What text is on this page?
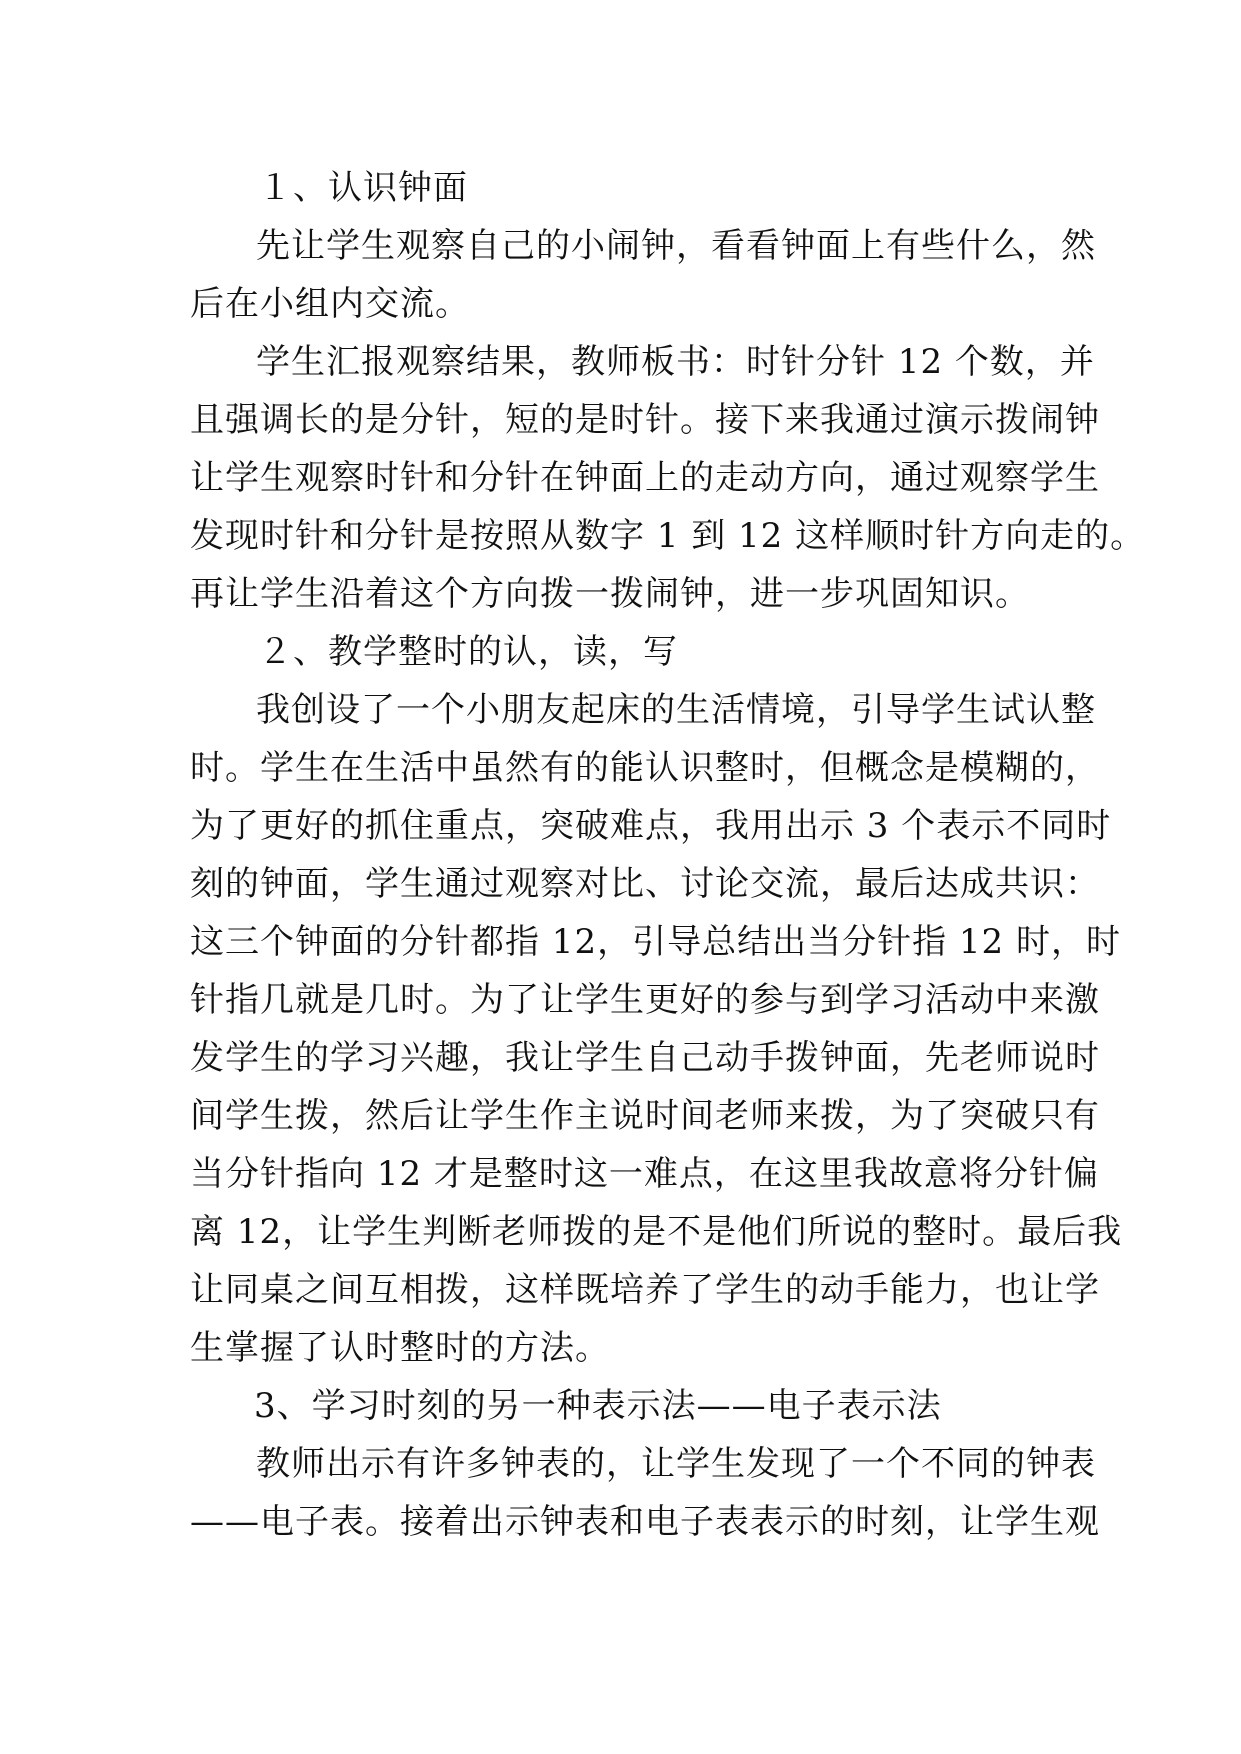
１、认识钟面
先让学生观察自己的小闹钟，看看钟面上有些什么，然
后在小组内交流。
学生汇报观察结果，教师板书：时针分针 12 个数，并
且强调长的是分针，短的是时针。接下来我通过演示拨闹钟
让学生观察时针和分针在钟面上的走动方向，通过观察学生
发现时针和分针是按照从数字 1 到 12 这样顺时针方向走的。
再让学生沿着这个方向拨一拨闹钟，进一步巩固知识。
２、教学整时的认，读，写
我创设了一个小朋友起床的生活情境，引导学生试认整
时。学生在生活中虽然有的能认识整时，但概念是模糊的，
为了更好的抓住重点，突破难点，我用出示 3 个表示不同时
刻的钟面，学生通过观察对比、讨论交流，最后达成共识：
这三个钟面的分针都指 12，引导总结出当分针指 12 时，时
针指几就是几时。为了让学生更好的参与到学习活动中来激
发学生的学习兴趣，我让学生自己动手拨钟面，先老师说时
间学生拨，然后让学生作主说时间老师来拨，为了突破只有
当分针指向 12 才是整时这一难点，在这里我故意将分针偏
离 12，让学生判断老师拨的是不是他们所说的整时。最后我
让同桌之间互相拨，这样既培养了学生的动手能力，也让学
生掌握了认时整时的方法。
3、学习时刻的另一种表示法——电子表示法
教师出示有许多钟表的，让学生发现了一个不同的钟表
——电子表。接着出示钟表和电子表表示的时刻，让学生观
